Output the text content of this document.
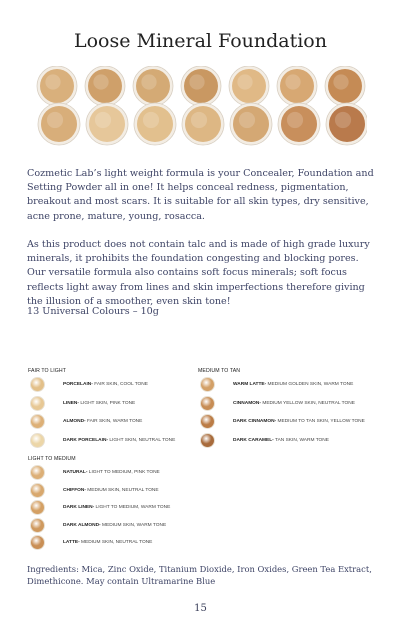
Loose Mineral Foundation

Cozmetic Lab’s light weight formula is your Concealer, Foundation and Setting Powder all in one! It helps conceal redness, pigmentation, breakout and most scars. It is suitable for all skin types, dry sensitive, acne prone, mature, young, rosacca.

As this product does not contain talc and is made of high grade luxury minerals, it prohibits the foundation congesting and blocking pores. Our versatile formula also contains soft focus minerals; soft focus reflects light away from lines and skin imperfections therefore giving the illusion of a smoother, even skin tone!

13 Universal Colours – 10g

FAIR TO LIGHT
PORCELAIN- FAIR SKIN, COOL TONE
LINEN- LIGHT SKIN, PINK TONE
ALMOND- FAIR SKIN, WARM TONE
DARK PORCELAIN- LIGHT SKIN, NEUTRAL TONE
MEDIUM TO TAN
WARM LATTE- MEDIUM GOLDEN SKIN, WARM TONE
CINNAMON- MEDIUM YELLOW SKIN, NEUTRAL TONE
DARK CINNAMON- MEDIUM TO TAN SKIN, YELLOW TONE
DARK CARAMEL- TAN SKIN, WARM TONE
LIGHT TO MEDIUM
NATURAL- LIGHT TO MEDIUM, PINK TONE
CHIFFON- MEDIUM SKIN, NEUTRAL TONE
DARK LINEN- LIGHT TO MEDIUM, WARM TONE
DARK ALMOND- MEDIUM SKIN, WARM TONE
LATTE- MEDIUM SKIN, NEUTRAL TONE

Ingredients: Mica, Zinc Oxide, Titanium Dioxide, Iron Oxides, Green Tea Extract, Dimethicone. May contain Ultramarine Blue

15
